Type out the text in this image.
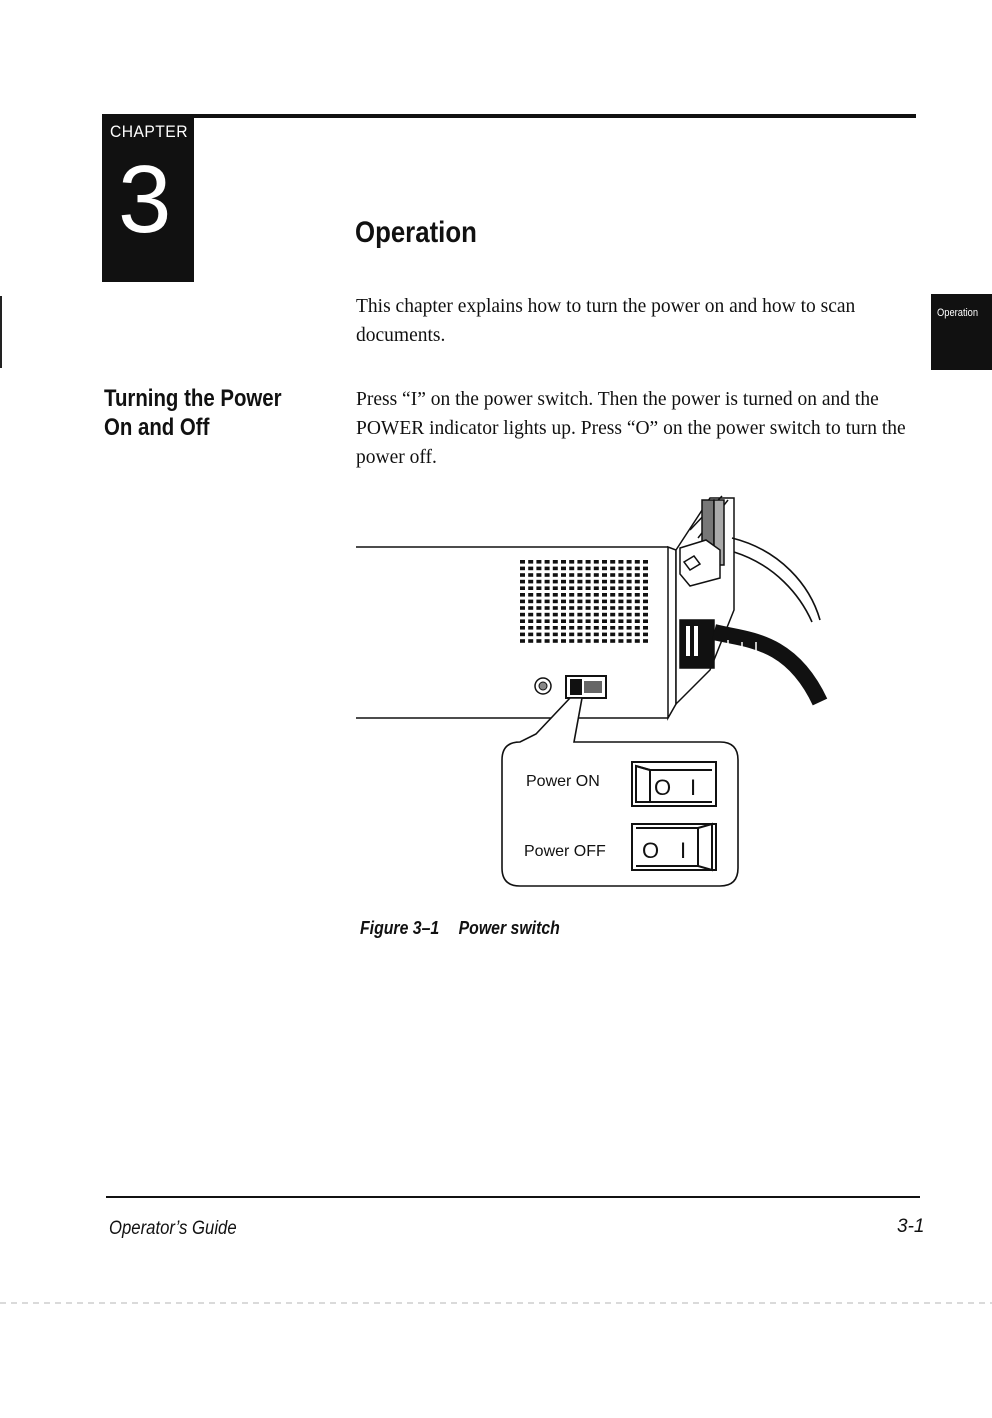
CHAPTER
3	Operation

This chapter explains how to turn the power on and how to scan documents.

Operation
Turning the Power
On and Off

Press “I” on the power switch. Then the power is turned on and the POWER indicator lights up. Press “O” on the power switch to turn the power off.

Power ON
Power OFF
O I
O I
Figure 3–1 Power switch
Operator’s Guide	3-1
